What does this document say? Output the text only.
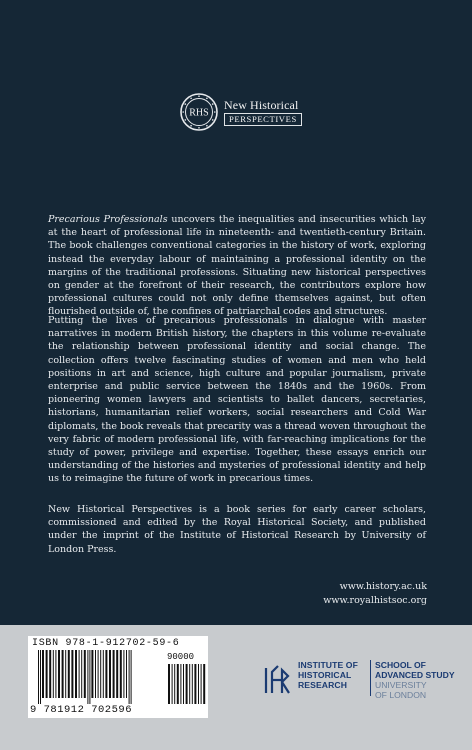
RHS
New Historical
PERSPECTIVES
Precarious Professionals uncovers the inequalities and insecurities which lay at the heart of professional life in nineteenth- and twentieth-century Britain. The book challenges conventional categories in the history of work, exploring instead the everyday labour of maintaining a professional identity on the margins of the traditional professions. Situating new historical perspectives on gender at the forefront of their research, the contributors explore how professional cultures could not only define themselves against, but often flourished outside of, the confines of patriarchal codes and structures.
Putting the lives of precarious professionals in dialogue with master narratives in modern British history, the chapters in this volume re-evaluate the relationship between professional identity and social change. The collection offers twelve fascinating studies of women and men who held positions in art and science, high culture and popular journalism, private enterprise and public service between the 1840s and the 1960s. From pioneering women lawyers and scientists to ballet dancers, secretaries, historians, humanitarian relief workers, social researchers and Cold War diplomats, the book reveals that precarity was a thread woven throughout the very fabric of modern professional life, with far-reaching implications for the study of power, privilege and expertise. Together, these essays enrich our understanding of the histories and mysteries of professional identity and help us to reimagine the future of work in precarious times.
New Historical Perspectives is a book series for early career scholars, commissioned and edited by the Royal Historical Society, and published under the imprint of the Institute of Historical Research by University of London Press.
www.history.ac.uk
www.royalhistsoc.org
ISBN 978-1-912702-59-6
90000
9 781912 702596
INSTITUTE OF
HISTORICAL
RESEARCH
SCHOOL OF
ADVANCED STUDY
UNIVERSITY
OF LONDON
